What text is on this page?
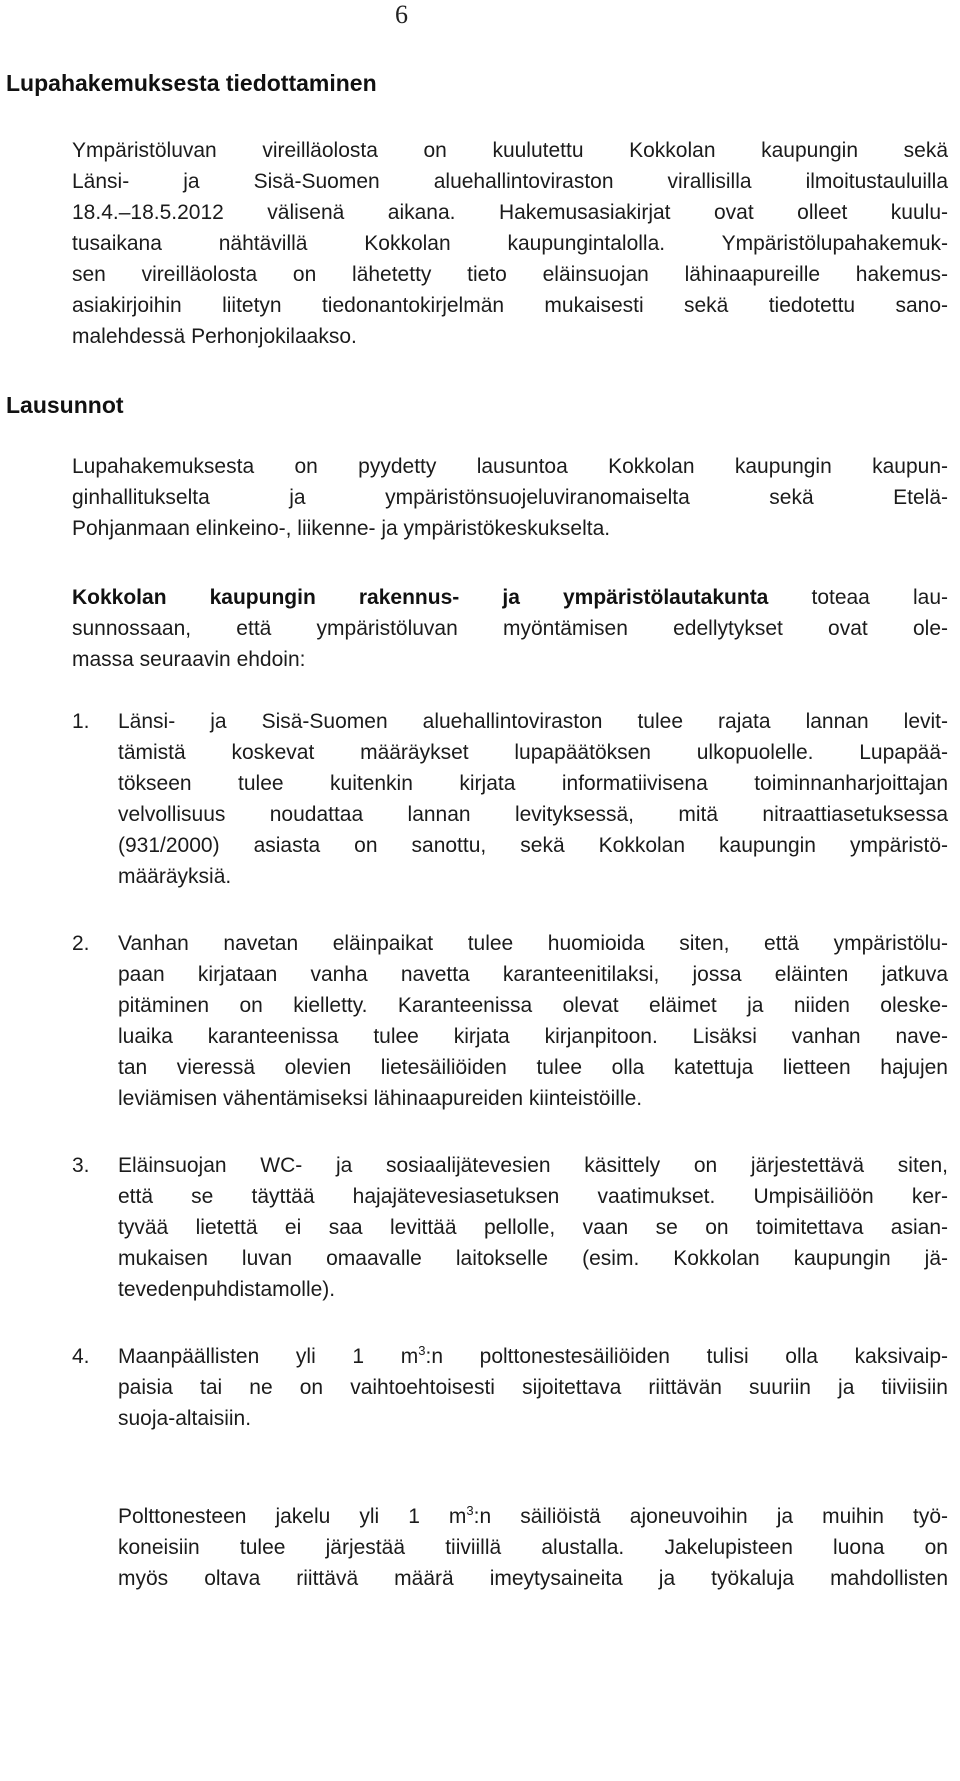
6
Lupahakemuksesta tiedottaminen
Ympäristöluvan vireilläolosta on kuulutettu Kokkolan kaupungin sekä
Länsi- ja Sisä-Suomen aluehallintoviraston virallisilla ilmoitustauluilla
18.4.–18.5.2012 välisenä aikana. Hakemusasiakirjat ovat olleet kuulu-
tusaikana nähtävillä Kokkolan kaupungintalolla. Ympäristölupahakemuk-
sen vireilläolosta on lähetetty tieto eläinsuojan lähinaapureille hakemus-
asiakirjoihin liitetyn tiedonantokirjelmän mukaisesti sekä tiedotettu sano-
malehdessä Perhonjokilaakso.
Lausunnot
Lupahakemuksesta on pyydetty lausuntoa Kokkolan kaupungin kaupun-
ginhallitukselta ja ympäristönsuojeluviranomaiselta sekä Etelä-
Pohjanmaan elinkeino-, liikenne- ja ympäristökeskukselta.
Kokkolan kaupungin rakennus- ja ympäristölautakunta toteaa lau-
sunnossaan, että ympäristöluvan myöntämisen edellytykset ovat ole-
massa seuraavin ehdoin:
1. Länsi- ja Sisä-Suomen aluehallintoviraston tulee rajata lannan levit-
tämistä koskevat määräykset lupapäätöksen ulkopuolelle. Lupapää-
tökseen tulee kuitenkin kirjata informatiivisena toiminnanharjoittajan
velvollisuus noudattaa lannan levityksessä, mitä nitraattiasetuksessa
(931/2000) asiasta on sanottu, sekä Kokkolan kaupungin ympäristö-
määräyksiä.
2. Vanhan navetan eläinpaikat tulee huomioida siten, että ympäristölu-
paan kirjataan vanha navetta karanteenitilaksi, jossa eläinten jatkuva
pitäminen on kielletty. Karanteenissa olevat eläimet ja niiden oleske-
luaika karanteenissa tulee kirjata kirjanpitoon. Lisäksi vanhan nave-
tan vieressä olevien lietesäiliöiden tulee olla katettuja lietteen hajujen
leviämisen vähentämiseksi lähinaapureiden kiinteistöille.
3. Eläinsuojan WC- ja sosiaalijätevesien käsittely on järjestettävä siten,
että se täyttää hajajätevesiasetuksen vaatimukset. Umpisäiliöön ker-
tyvää lietettä ei saa levittää pellolle, vaan se on toimitettava asian-
mukaisen luvan omaavalle laitokselle (esim. Kokkolan kaupungin jä-
tevedenpuhdistamolle).
4. Maanpäällisten yli 1 $m^3:n$ polttonestesäiliöiden tulisi olla kaksivaip-
paisia tai ne on vaihtoehtoisesti sijoitettava riittävän suuriin ja tiiviisiin
suoja-altaisiin.
Polttonesteen jakelu yli 1 $m^3:n$ säiliöistä ajoneuvoihin ja muihin työ-
koneisiin tulee järjestää tiiviillä alustalla. Jakelupisteen luona on
myös oltava riittävä määrä imeytysaineita ja työkaluja mahdollisten
